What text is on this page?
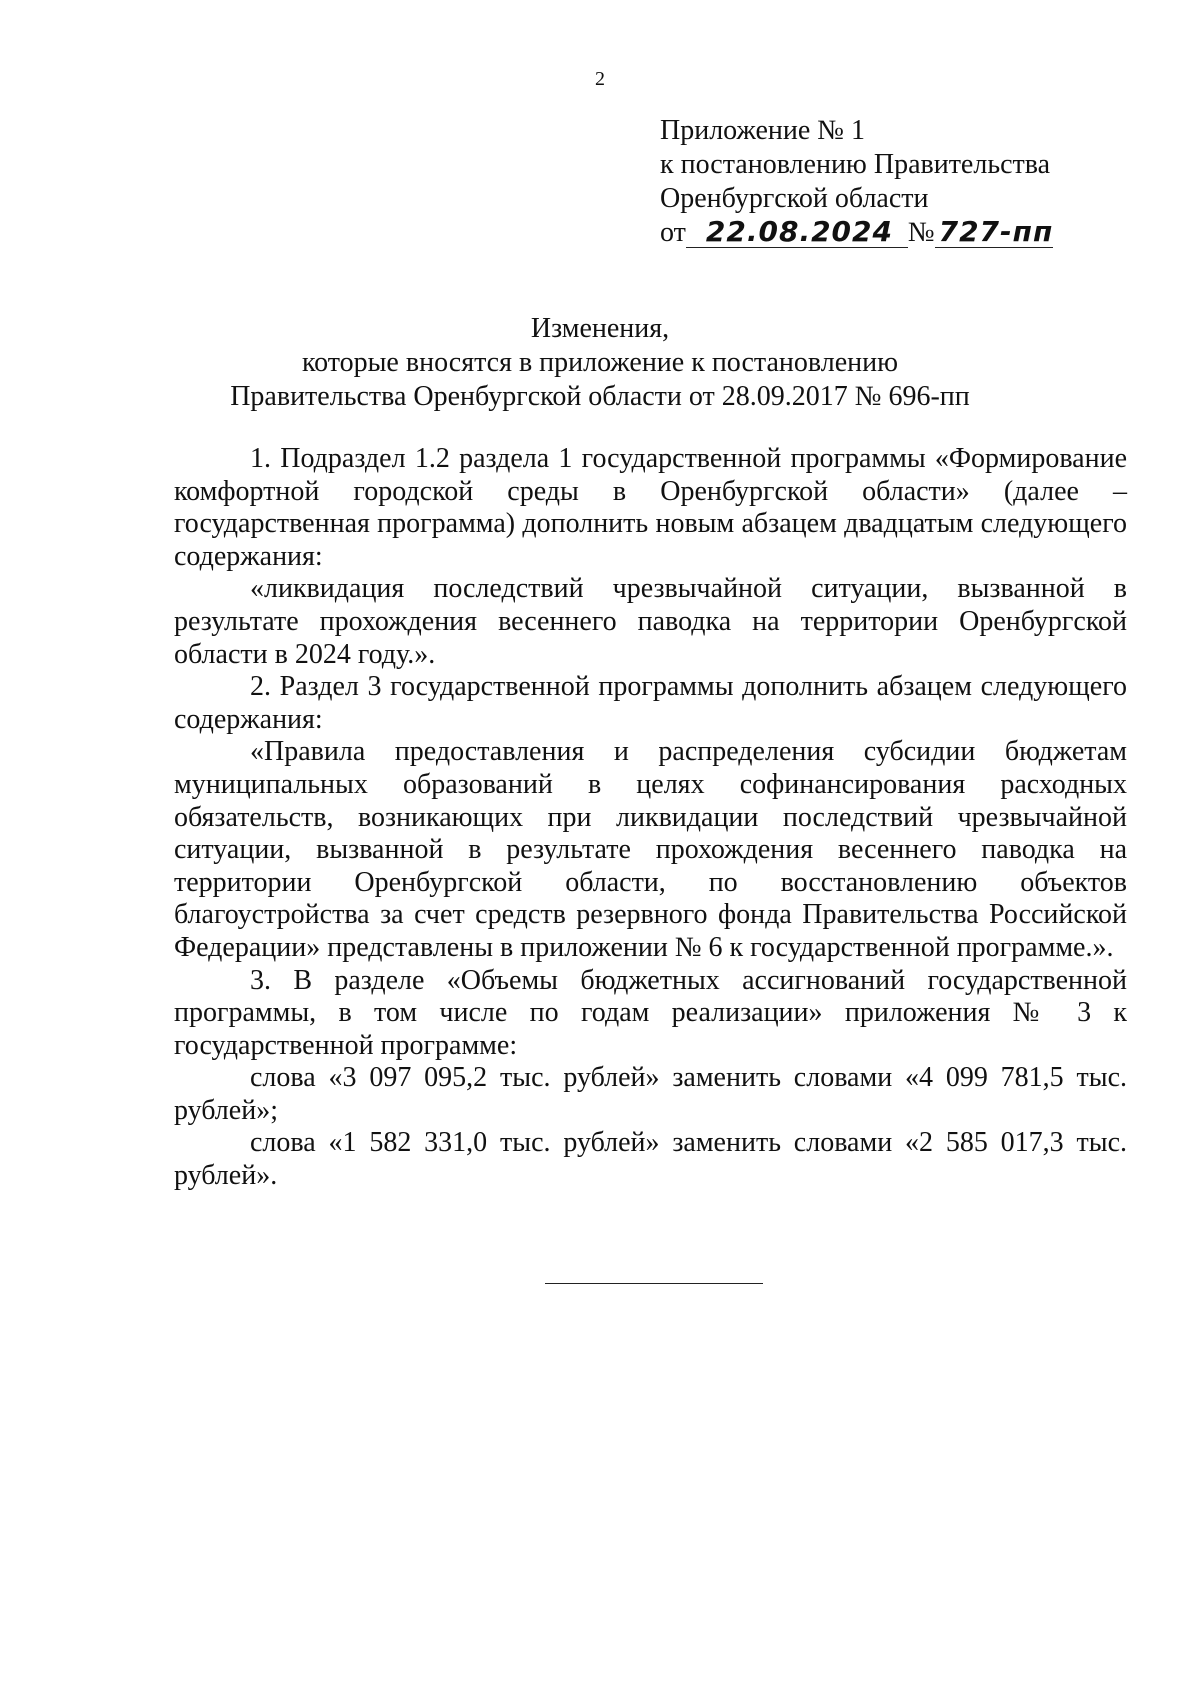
2
Приложение № 1
к постановлению Правительства
Оренбургской области
от 22.08.2024 № 727-пп
Изменения,
которые вносятся в приложение к постановлению
Правительства Оренбургской области от 28.09.2017 № 696-пп

1. Подраздел 1.2 раздела 1 государственной программы «Формирование комфортной городской среды в Оренбургской области» (далее – государственная программа) дополнить новым абзацем двадцатым следующего содержания:

«ликвидация последствий чрезвычайной ситуации, вызванной в результате прохождения весеннего паводка на территории Оренбургской области в 2024 году.».

2. Раздел 3 государственной программы дополнить абзацем следующего содержания:

«Правила предоставления и распределения субсидии бюджетам муниципальных образований в целях софинансирования расходных обязательств, возникающих при ликвидации последствий чрезвычайной ситуации, вызванной в результате прохождения весеннего паводка на территории Оренбургской области, по восстановлению объектов благоустройства за счет средств резервного фонда Правительства Российской Федерации» представлены в приложении № 6 к государственной программе.».

3. В разделе «Объемы бюджетных ассигнований государственной программы, в том числе по годам реализации» приложения № 3 к государственной программе:

слова «3 097 095,2 тыс. рублей» заменить словами «4 099 781,5 тыс. рублей»;

слова «1 582 331,0 тыс. рублей» заменить словами «2 585 017,3 тыс. рублей».
